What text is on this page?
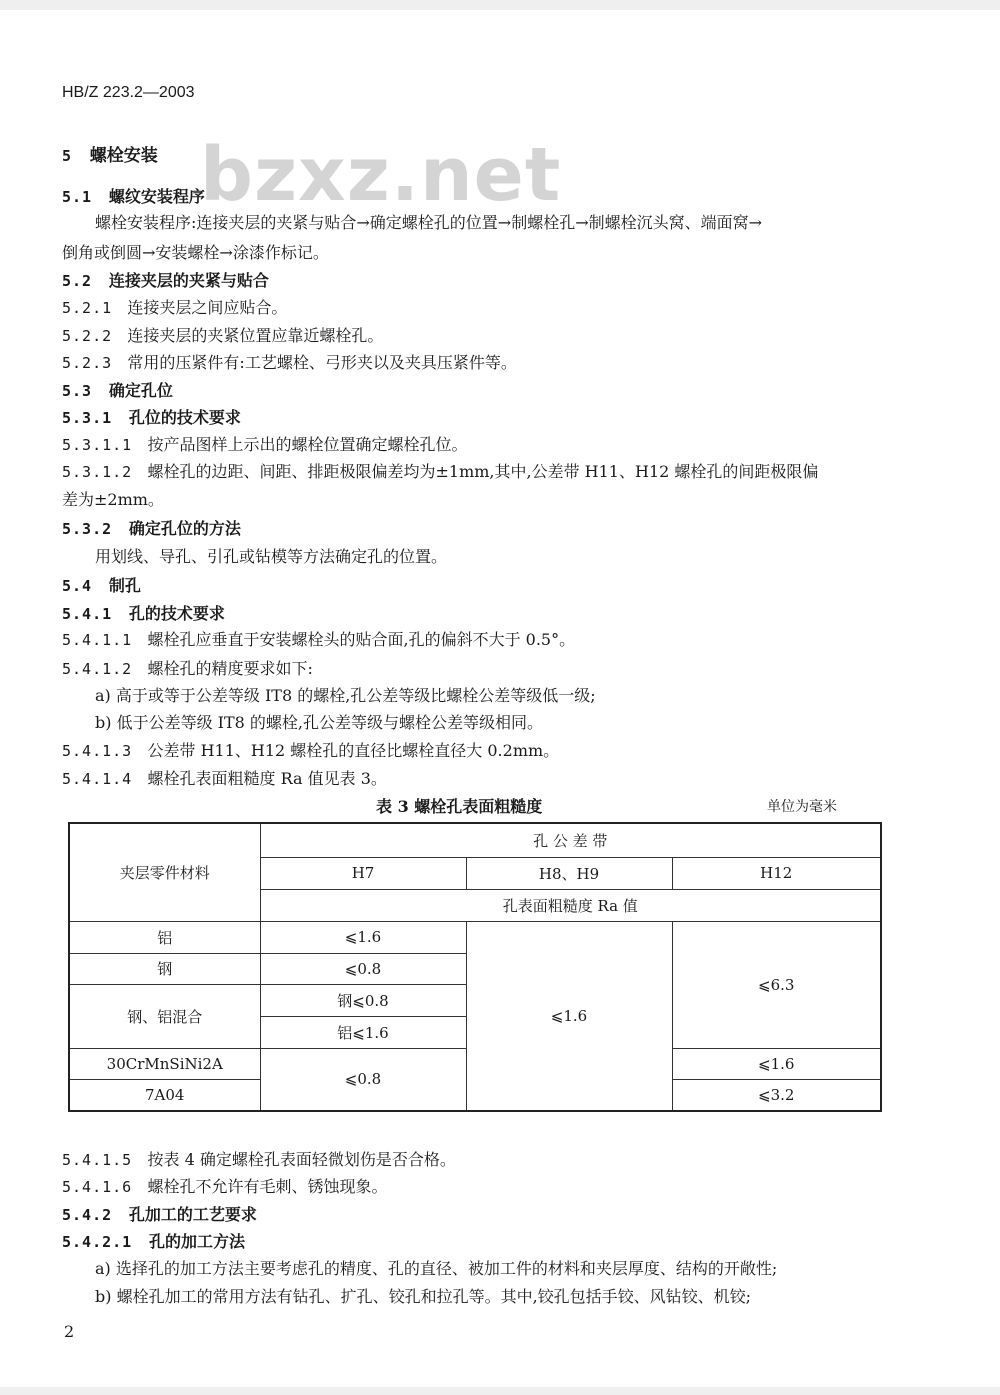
HB/Z 223.2—2003
bzxz.net
5 螺栓安装
5.1 螺纹安装程序
螺栓安装程序:连接夹层的夹紧与贴合→确定螺栓孔的位置→制螺栓孔→制螺栓沉头窝、端面窝→
倒角或倒圆→安装螺栓→涂漆作标记。
5.2 连接夹层的夹紧与贴合
5.2.1 连接夹层之间应贴合。
5.2.2 连接夹层的夹紧位置应靠近螺栓孔。
5.2.3 常用的压紧件有:工艺螺栓、弓形夹以及夹具压紧件等。
5.3 确定孔位
5.3.1 孔位的技术要求
5.3.1.1 按产品图样上示出的螺栓位置确定螺栓孔位。
5.3.1.2 螺栓孔的边距、间距、排距极限偏差均为±1mm,其中,公差带 H11、H12 螺栓孔的间距极限偏
差为±2mm。
5.3.2 确定孔位的方法
用划线、导孔、引孔或钻模等方法确定孔的位置。
5.4 制孔
5.4.1 孔的技术要求
5.4.1.1 螺栓孔应垂直于安装螺栓头的贴合面,孔的偏斜不大于 0.5°。
5.4.1.2 螺栓孔的精度要求如下:
a) 高于或等于公差等级 IT8 的螺栓,孔公差等级比螺栓公差等级低一级;
b) 低于公差等级 IT8 的螺栓,孔公差等级与螺栓公差等级相同。
5.4.1.3 公差带 H11、H12 螺栓孔的直径比螺栓直径大 0.2mm。
5.4.1.4 螺栓孔表面粗糙度 Ra 值见表 3。
表 3 螺栓孔表面粗糙度	单位为毫米
夹层零件材料	孔 公 差 带		
	H7	H8、H9	H12
	孔表面粗糙度 Ra 值		
铝	⩽1.6	⩽1.6	⩽6.3
钢	⩽0.8		
钢、铝混合	钢⩽0.8		
	铝⩽1.6		
30CrMnSiNi2A	⩽0.8		⩽1.6
7A04			⩽3.2
5.4.1.5 按表 4 确定螺栓孔表面轻微划伤是否合格。
5.4.1.6 螺栓孔不允许有毛刺、锈蚀现象。
5.4.2 孔加工的工艺要求
5.4.2.1 孔的加工方法
a) 选择孔的加工方法主要考虑孔的精度、孔的直径、被加工件的材料和夹层厚度、结构的开敞性;
b) 螺栓孔加工的常用方法有钻孔、扩孔、铰孔和拉孔等。其中,铰孔包括手铰、风钻铰、机铰;
2
